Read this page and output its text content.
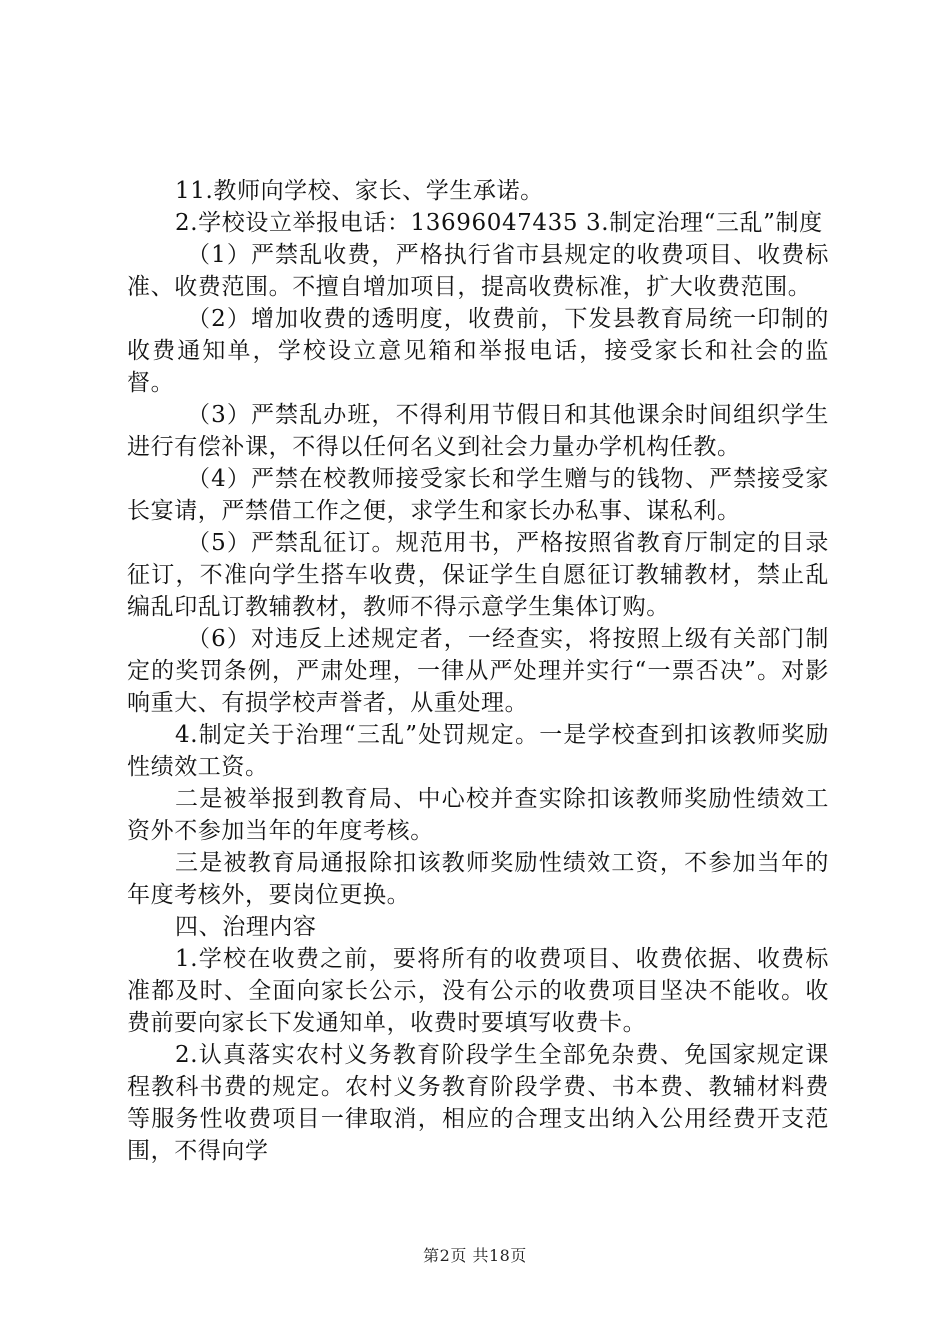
11.教师向学校、家长、学生承诺。

2.学校设立举报电话：13696047435 3.制定治理“三乱”制度

（1）严禁乱收费，严格执行省市县规定的收费项目、收费标准、收费范围。不擅自增加项目，提高收费标准，扩大收费范围。

（2）增加收费的透明度，收费前，下发县教育局统一印制的收费通知单，学校设立意见箱和举报电话，接受家长和社会的监督。

（3）严禁乱办班，不得利用节假日和其他课余时间组织学生进行有偿补课，不得以任何名义到社会力量办学机构任教。

（4）严禁在校教师接受家长和学生赠与的钱物、严禁接受家长宴请，严禁借工作之便，求学生和家长办私事、谋私利。

（5）严禁乱征订。规范用书，严格按照省教育厅制定的目录征订，不准向学生搭车收费，保证学生自愿征订教辅教材，禁止乱编乱印乱订教辅教材，教师不得示意学生集体订购。

（6）对违反上述规定者，一经查实，将按照上级有关部门制定的奖罚条例，严肃处理，一律从严处理并实行“一票否决”。对影响重大、有损学校声誉者，从重处理。

4.制定关于治理“三乱”处罚规定。一是学校查到扣该教师奖励性绩效工资。

二是被举报到教育局、中心校并查实除扣该教师奖励性绩效工资外不参加当年的年度考核。

三是被教育局通报除扣该教师奖励性绩效工资，不参加当年的年度考核外，要岗位更换。

四、治理内容

1.学校在收费之前，要将所有的收费项目、收费依据、收费标准都及时、全面向家长公示，没有公示的收费项目坚决不能收。收费前要向家长下发通知单，收费时要填写收费卡。

2.认真落实农村义务教育阶段学生全部免杂费、免国家规定课程教科书费的规定。农村义务教育阶段学费、书本费、教辅材料费等服务性收费项目一律取消，相应的合理支出纳入公用经费开支范围，不得向学

第2页 共18页
